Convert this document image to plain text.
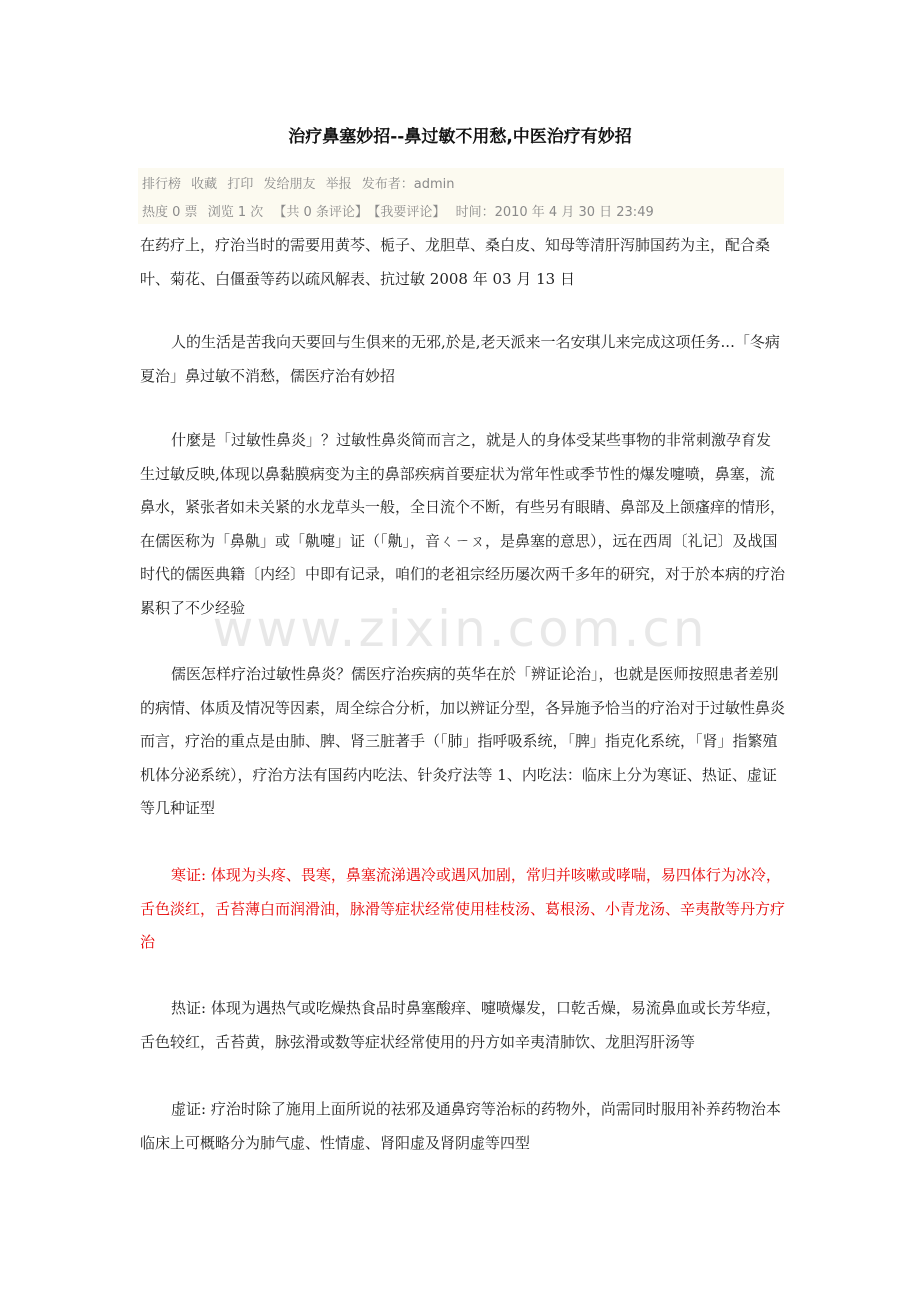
治疗鼻塞妙招--鼻过敏不用愁,中医治疗有妙招
排行榜 收藏 打印 发给朋友 举报 发布者：admin
热度 0 票 浏览 1 次 【共 0 条评论】 【我要评论】 时间：2010 年 4 月 30 日 23:49
www.zixin.com.cn
在药疗上，疗治当时的需要用黄芩、栀子、龙胆草、桑白皮、知母等清肝泻肺国药为主，配合桑叶、菊花、白僵蚕等药以疏风解表、抗过敏 2008 年 03 月 13 日
人的生活是苦我向天要回与生俱来的无邪,於是,老天派来一名安琪儿来完成这项任务...「冬病夏治」鼻过敏不消愁，儒医疗治有妙招
什麼是「过敏性鼻炎」？过敏性鼻炎简而言之，就是人的身体受某些事物的非常刺激孕育发生过敏反映,体现以鼻黏膜病变为主的鼻部疾病首要症状为常年性或季节性的爆发嚏喷，鼻塞，流鼻水，紧张者如未关紧的水龙草头一般，全日流个不断，有些另有眼睛、鼻部及上颌瘙痒的情形，在儒医称为「鼻鼽」或「鼽嚏」证（「鼽」，音ㄑㄧㄡ，是鼻塞的意思），远在西周〔礼记〕及战国时代的儒医典籍〔内经〕中即有记录，咱们的老祖宗经历屡次两千多年的研究，对于於本病的疗治累积了不少经验
儒医怎样疗治过敏性鼻炎？儒医疗治疾病的英华在於「辨证论治」，也就是医师按照患者差别的病情、体质及情况等因素，周全综合分析，加以辨证分型，各异施予恰当的疗治对于过敏性鼻炎而言，疗治的重点是由肺、脾、肾三脏著手（「肺」指呼吸系统，「脾」指克化系统，「肾」指繁殖机体分泌系统），疗治方法有国药内吃法、针灸疗法等 1、内吃法：临床上分为寒证、热证、虚证等几种证型
寒证: 体现为头疼、畏寒，鼻塞流涕遇冷或遇风加剧，常归并咳嗽或哮喘，易四体行为冰冷，舌色淡红，舌苔薄白而润滑油，脉滑等症状经常使用桂枝汤、葛根汤、小青龙汤、辛夷散等丹方疗治
热证: 体现为遇热气或吃燥热食品时鼻塞酸痒、嚏喷爆发，口乾舌燥，易流鼻血或长芳华痘，舌色较红，舌苔黄，脉弦滑或数等症状经常使用的丹方如辛夷清肺饮、龙胆泻肝汤等
虚证: 疗治时除了施用上面所说的祛邪及通鼻窍等治标的药物外，尚需同时服用补养药物治本临床上可概略分为肺气虚、性情虚、肾阳虚及肾阴虚等四型
